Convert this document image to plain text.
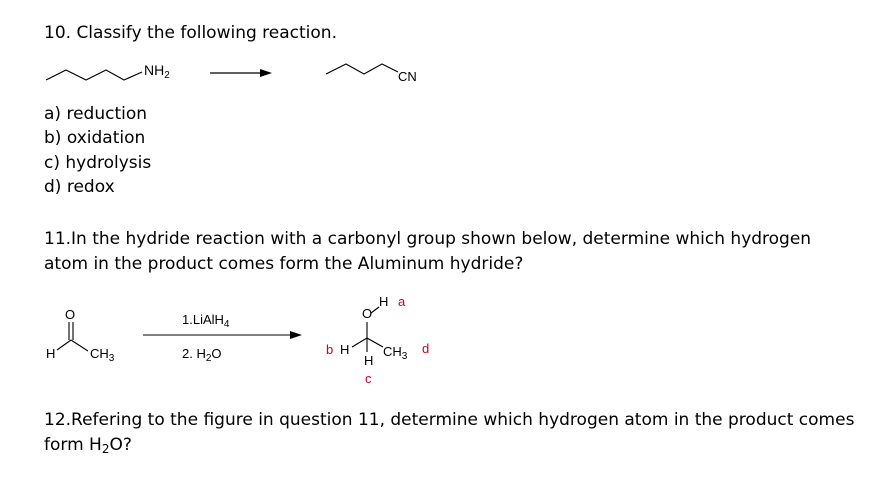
10. Classify the following reaction.
$NH_2$	CN
a) reduction
b) oxidation
c) hydrolysis
d) redox
11.In the hydride reaction with a carbonyl group shown below, determine which hydrogen
atom in the product comes form the Aluminum hydride?
1.LiAlH$_4$
2. $H_2O$
O
H	$CH_3$
O
H a
b H	$CH_3$
d
H
c
12.Refering to the figure in question 11, determine which hydrogen atom in the product comes
form $H_2O$?
